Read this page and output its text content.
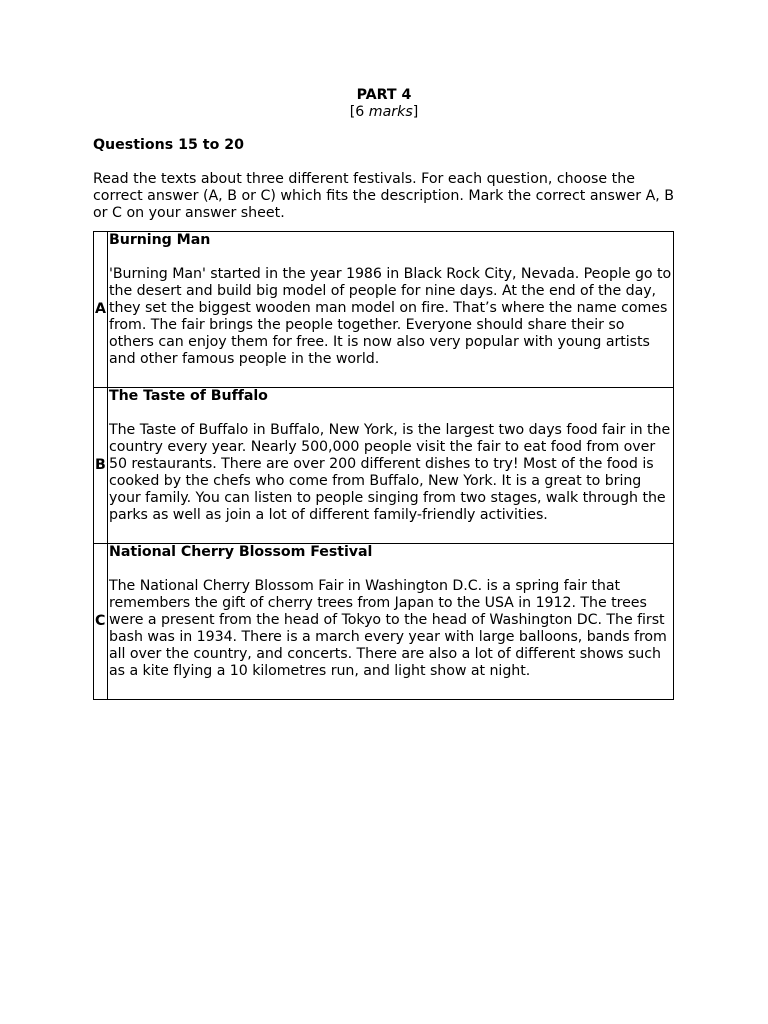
PART 4

[6 marks]

Questions 15 to 20

Read the texts about three different festivals. For each question, choose the correct answer (A, B or C) which fits the description. Mark the correct answer A, B or C on your answer sheet.

A	Burning Man

'Burning Man' started in the year 1986 in Black Rock City, Nevada. People go to the desert and build big model of people for nine days. At the end of the day, they set the biggest wooden man model on fire. That’s where the name comes from. The fair brings the people together. Everyone should share their so others can enjoy them for free. It is now also very popular with young artists and other famous people in the world.

B	The Taste of Buffalo

The Taste of Buffalo in Buffalo, New York, is the largest two days food fair in the country every year. Nearly 500,000 people visit the fair to eat food from over 50 restaurants. There are over 200 different dishes to try! Most of the food is cooked by the chefs who come from Buffalo, New York. It is a great to bring your family. You can listen to people singing from two stages, walk through the parks as well as join a lot of different family-friendly activities.

C	National Cherry Blossom Festival

The National Cherry Blossom Fair in Washington D.C. is a spring fair that remembers the gift of cherry trees from Japan to the USA in 1912. The trees were a present from the head of Tokyo to the head of Washington DC. The first bash was in 1934. There is a march every year with large balloons, bands from all over the country, and concerts. There are also a lot of different shows such as a kite flying a 10 kilometres run, and light show at night.
